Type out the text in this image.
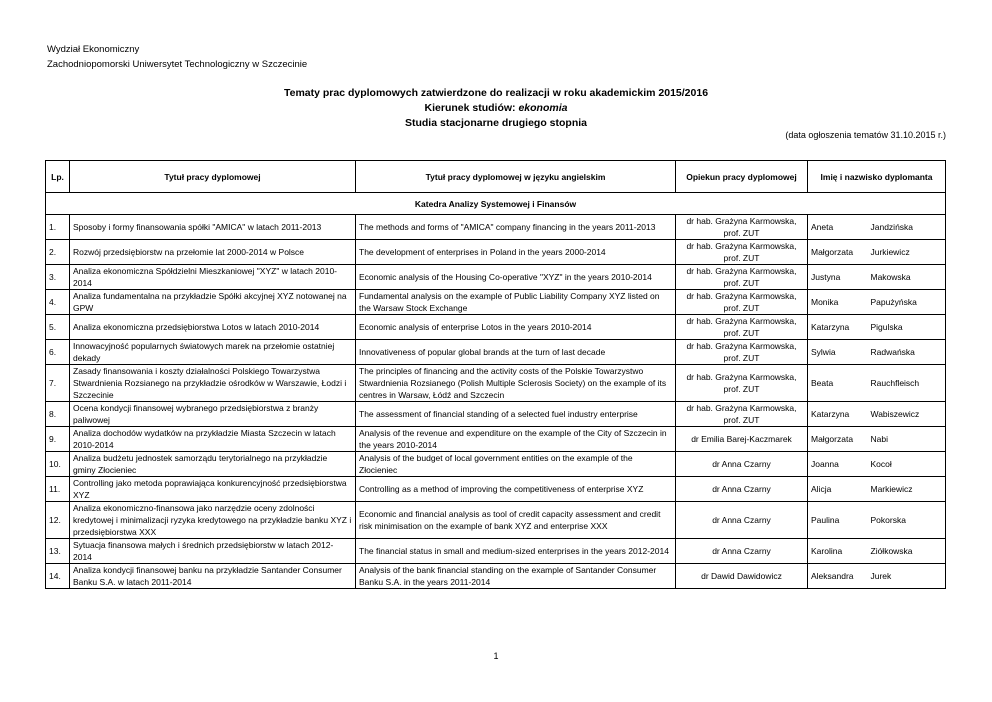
Wydział Ekonomiczny
Zachodniopomorski Uniwersytet Technologiczny w Szczecinie
Tematy prac dyplomowych zatwierdzone do realizacji w roku akademickim 2015/2016
Kierunek studiów: ekonomia
Studia stacjonarne drugiego stopnia
(data ogłoszenia tematów 31.10.2015 r.)
Lp.	Tytuł pracy dyplomowej	Tytuł pracy dyplomowej w języku angielskim	Opiekun pracy dyplomowej	Imię i nazwisko dyplomanta	
Katedra Analizy Systemowej i Finansów					
1.	Sposoby i formy finansowania spółki "AMICA" w latach 2011-2013	The methods and forms of "AMICA" company financing in the years 2011-2013	dr hab. Grażyna Karmowska, prof. ZUT	Aneta	Jandzińska
2.	Rozwój przedsiębiorstw na przełomie lat 2000-2014 w Polsce	The development of enterprises in Poland in the years 2000-2014	dr hab. Grażyna Karmowska, prof. ZUT	Małgorzata	Jurkiewicz
3.	Analiza ekonomiczna Spółdzielni Mieszkaniowej "XYZ" w latach 2010-2014	Economic analysis of the Housing Co-operative "XYZ" in the years 2010-2014	dr hab. Grażyna Karmowska, prof. ZUT	Justyna	Makowska
4.	Analiza fundamentalna na przykładzie Spółki akcyjnej XYZ notowanej na GPW	Fundamental analysis on the example of Public Liability Company XYZ listed on the Warsaw Stock Exchange	dr hab. Grażyna Karmowska, prof. ZUT	Monika	Papużyńska
5.	Analiza ekonomiczna przedsiębiorstwa Lotos w latach 2010-2014	Economic analysis of enterprise Lotos in the years 2010-2014	dr hab. Grażyna Karmowska, prof. ZUT	Katarzyna	Pigulska
6.	Innowacyjność popularnych światowych marek na przełomie ostatniej dekady	Innovativeness of popular global brands at the turn of last decade	dr hab. Grażyna Karmowska, prof. ZUT	Sylwia	Radwańska
7.	Zasady finansowania i koszty działalności Polskiego Towarzystwa Stwardnienia Rozsianego na przykładzie ośrodków w Warszawie, Łodzi i Szczecinie	The principles of financing and the activity costs of the Polskie Towarzystwo Stwardnienia Rozsianego (Polish Multiple Sclerosis Society) on the example of its centres in Warsaw, Łódź and Szczecin	dr hab. Grażyna Karmowska, prof. ZUT	Beata	Rauchfleisch
8.	Ocena kondycji finansowej wybranego przedsiębiorstwa z branży paliwowej	The assessment of financial standing of a selected fuel industry enterprise	dr hab. Grażyna Karmowska, prof. ZUT	Katarzyna	Wabiszewicz
9.	Analiza dochodów wydatków na przykładzie Miasta Szczecin w latach 2010-2014	Analysis of the revenue and expenditure on the example of the City of Szczecin in the years 2010-2014	dr Emilia Barej-Kaczmarek	Małgorzata	Nabi
10.	Analiza budżetu jednostek samorządu terytorialnego na przykładzie gminy Złocieniec	Analysis of the budget of local government entities on the example of the Złocieniec	dr Anna Czarny	Joanna	Kocoł
11.	Controlling jako metoda poprawiająca konkurencyjność przedsiębiorstwa XYZ	Controlling as a method of improving the competitiveness of enterprise XYZ	dr Anna Czarny	Alicja	Markiewicz
12.	Analiza ekonomiczno-finansowa jako narzędzie oceny zdolności kredytowej i minimalizacji ryzyka kredytowego na przykładzie banku XYZ i przedsiębiorstwa XXX	Economic and financial analysis as tool of credit capacity assessment and credit risk minimisation on the example of bank XYZ and enterprise XXX	dr Anna Czarny	Paulina	Pokorska
13.	Sytuacja finansowa małych i średnich przedsiębiorstw w latach 2012-2014	The financial status in small and medium-sized enterprises in the years 2012-2014	dr Anna Czarny	Karolina	Ziółkowska
14.	Analiza kondycji finansowej banku na przykładzie Santander Consumer Banku S.A. w latach 2011-2014	Analysis of the bank financial standing on the example of Santander Consumer Banku S.A. in the years 2011-2014	dr Dawid Dawidowicz	Aleksandra	Jurek
1
